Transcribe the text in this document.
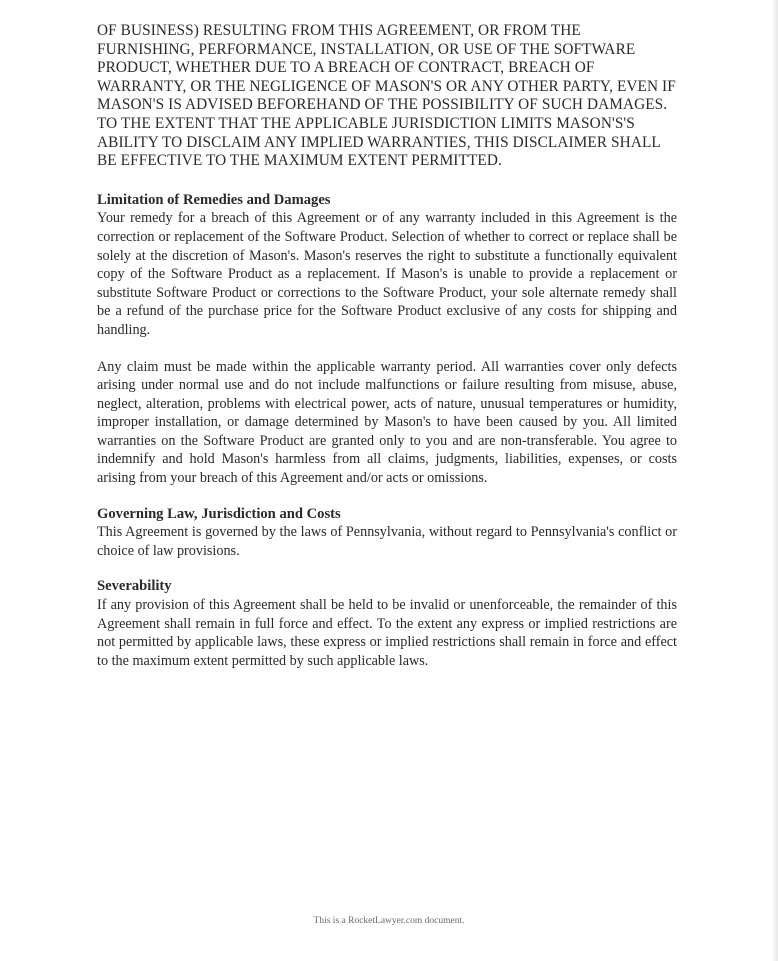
OF BUSINESS) RESULTING FROM THIS AGREEMENT, OR FROM THE FURNISHING, PERFORMANCE, INSTALLATION, OR USE OF THE SOFTWARE PRODUCT, WHETHER DUE TO A BREACH OF CONTRACT, BREACH OF WARRANTY, OR THE NEGLIGENCE OF MASON'S OR ANY OTHER PARTY, EVEN IF MASON'S IS ADVISED BEFOREHAND OF THE POSSIBILITY OF SUCH DAMAGES. TO THE EXTENT THAT THE APPLICABLE JURISDICTION LIMITS MASON'S'S ABILITY TO DISCLAIM ANY IMPLIED WARRANTIES, THIS DISCLAIMER SHALL BE EFFECTIVE TO THE MAXIMUM EXTENT PERMITTED.

Limitation of Remedies and Damages

Your remedy for a breach of this Agreement or of any warranty included in this Agreement is the correction or replacement of the Software Product. Selection of whether to correct or replace shall be solely at the discretion of Mason's. Mason's reserves the right to substitute a functionally equivalent copy of the Software Product as a replacement. If Mason's is unable to provide a replacement or substitute Software Product or corrections to the Software Product, your sole alternate remedy shall be a refund of the purchase price for the Software Product exclusive of any costs for shipping and handling.

Any claim must be made within the applicable warranty period. All warranties cover only defects arising under normal use and do not include malfunctions or failure resulting from misuse, abuse, neglect, alteration, problems with electrical power, acts of nature, unusual temperatures or humidity, improper installation, or damage determined by Mason's to have been caused by you. All limited warranties on the Software Product are granted only to you and are non-transferable. You agree to indemnify and hold Mason's harmless from all claims, judgments, liabilities, expenses, or costs arising from your breach of this Agreement and/or acts or omissions.

Governing Law, Jurisdiction and Costs

This Agreement is governed by the laws of Pennsylvania, without regard to Pennsylvania's conflict or choice of law provisions.

Severability

If any provision of this Agreement shall be held to be invalid or unenforceable, the remainder of this Agreement shall remain in full force and effect. To the extent any express or implied restrictions are not permitted by applicable laws, these express or implied restrictions shall remain in force and effect to the maximum extent permitted by such applicable laws.

This is a RocketLawyer.com document.
